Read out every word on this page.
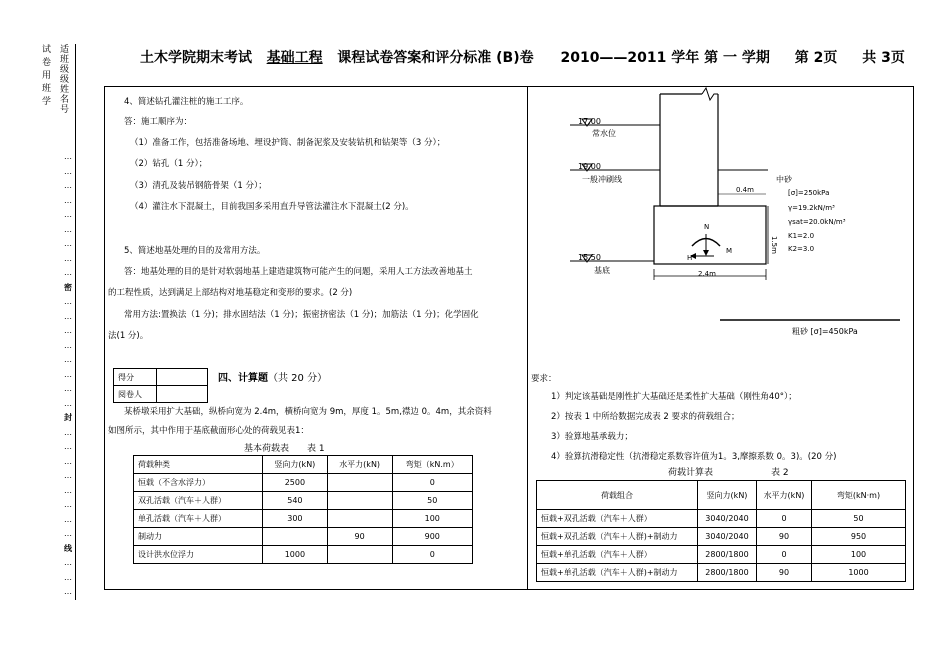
土木学院期末考试 基础工程 课程试卷答案和评分标准 (B)卷 2010——2011 学年 第 一 学期 第 2页 共 3页
试卷用班学 适班级级姓名号
…
…
…
…
…
…
…
…
…
密
…
…
…
…
…
…
…
…
封
…
…
…
…
…
…
…
…
线
…
…
…
4、简述钻孔灌注桩的施工工序。
答：施工顺序为：
（1）准备工作，包括准备场地、埋设护筒、制备泥浆及安装钻机和钻架等（3 分）；
（2）钻孔（1 分）；
（3）清孔及装吊钢筋骨架（1 分）；
（4）灌注水下混凝土，目前我国多采用直升导管法灌注水下混凝土(2 分)。
5、简述地基处理的目的及常用方法。
答：地基处理的目的是针对软弱地基上建造建筑物可能产生的问题，采用人工方法改善地基土
的工程性质，达到满足上部结构对地基稳定和变形的要求。(2 分)
常用方法:置换法（1 分)；排水固结法（1 分)；振密挤密法（1 分)；加筋法（1 分)；化学固化
法(1 分)。
得分	
阅卷人	
四、计算题（共 20 分）
某桥墩采用扩大基础，纵桥向宽为 2.4m，横桥向宽为 9m，厚度 1。5m,襟边 0。4m，其余资料
如图所示，其中作用于基底截面形心处的荷载见表1：
基本荷载表 表 1
荷载种类	竖向力(kN)	水平力(kN)	弯矩（kN.m）
恒载（不含水浮力）	2500		0
双孔活载（汽车＋人群）	540		50
单孔活载（汽车＋人群）	300		100
制动力		90	900
设计洪水位浮力	1000		0
17.00
常水位
19.00
一般冲刷线
15.50
基底
0.4m
2.4m
1.5m
N
H
M
中砂
[σ]=250kPa
γ=19.2kN/m³
γsat=20.0kN/m³
K1=2.0
K2=3.0
粗砂 [σ]=450kPa
要求：
1）判定该基础是刚性扩大基础还是柔性扩大基础（刚性角40°）；
2）按表 1 中所给数据完成表 2 要求的荷载组合；
3）验算地基承载力；
4）验算抗滑稳定性（抗滑稳定系数容许值为1。3,摩擦系数 0。3)。(20 分)
荷载计算表	表 2
荷载组合	竖向力(kN)	水平力(kN)	弯矩(kN·m)
恒载+双孔活载（汽车＋人群）	3040/2040	0	50
恒载+双孔活载（汽车＋人群)+制动力	3040/2040	90	950
恒载+单孔活载（汽车＋人群）	2800/1800	0	100
恒载+单孔活载（汽车＋人群)+制动力	2800/1800	90	1000
